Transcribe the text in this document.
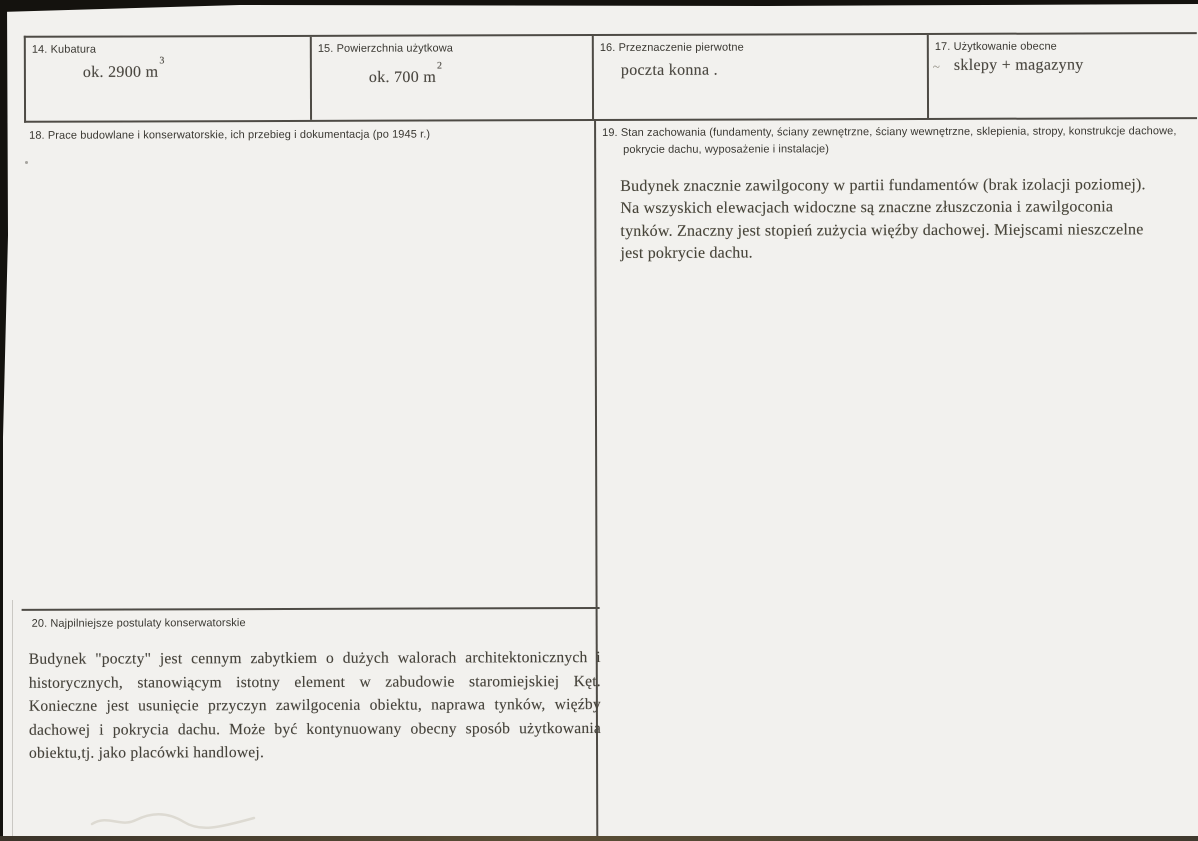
14. Kubatura
ok. 2900 $m^3$
15. Powierzchnia użytkowa
ok. 700 $m^2$
16. Przeznaczenie pierwotne
poczta konna .
17. Użytkowanie obecne
~ sklepy + magazyny
18. Prace budowlane i konserwatorskie, ich przebieg i dokumentacja (po 1945 r.)	19. Stan zachowania (fundamenty, ściany zewnętrzne, ściany wewnętrzne, sklepienia, stropy, konstrukcje dachowe, pokrycie dachu, wyposażenie i instalacje)
Budynek znacznie zawilgocony w partii fundamentów (brak izolacji poziomej).
Na wszyskich elewacjach widoczne są znaczne złuszczonia i zawilgoconia
tynków. Znaczny jest stopień zużycia więźby dachowej. Miejscami nieszczelne
jest pokrycie dachu.
20. Najpilniejsze postulaty konserwatorskie
Budynek "poczty" jest cennym zabytkiem o dużych walorach architektonicznych i
historycznych, stanowiącym istotny element w zabudowie staromiejskiej Kęt.
Konieczne jest usunięcie przyczyn zawilgocenia obiektu, naprawa tynków, więźby
dachowej i pokrycia dachu. Może być kontynuowany obecny sposób użytkowania
obiektu,tj. jako placówki handlowej.
